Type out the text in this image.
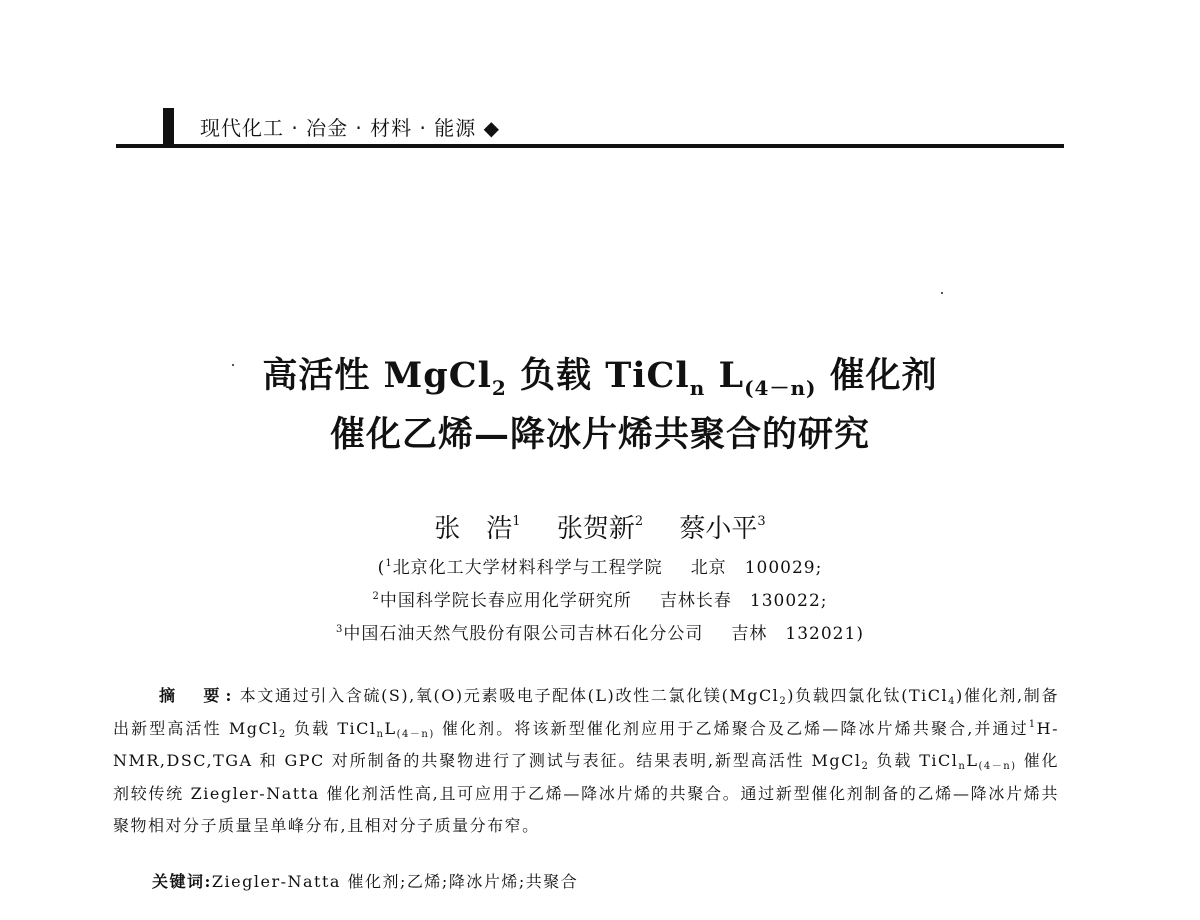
现代化工 · 冶金 · 材料 · 能源 ◆
高活性 MgCl$_2$ 负载 TiCl$_n$ $L_{(4-n)}$ 催化剂
催化乙烯—降冰片烯共聚合的研究
张　浩$^1$ 张贺新$^2$ 蔡小平$^3$
($^1$北京化工大学材料科学与工程学院 北京 100029;
$^2$中国科学院长春应用化学研究所 吉林长春 130022;
$^3$中国石油天然气股份有限公司吉林石化分公司 吉林 132021)
摘　要: 本文通过引入含硫(S),氧(O)元素吸电子配体(L)改性二氯化镁(MgCl$_2$)负载四氯化钛(TiCl$_4$)催化剂,制备出新型高活性 MgCl$_2$ 负载 $TiCl_nL_{(4-n)}$ 催化剂。将该新型催化剂应用于乙烯聚合及乙烯—降冰片烯共聚合,并通过$^1$H-NMR,DSC,TGA 和 GPC 对所制备的共聚物进行了测试与表征。结果表明,新型高活性 MgCl$_2$ 负载 $TiCl_nL_{(4-n)}$ 催化剂较传统 Ziegler-Natta 催化剂活性高,且可应用于乙烯—降冰片烯的共聚合。通过新型催化剂制备的乙烯—降冰片烯共聚物相对分子质量呈单峰分布,且相对分子质量分布窄。
关键词:Ziegler-Natta 催化剂;乙烯;降冰片烯;共聚合
